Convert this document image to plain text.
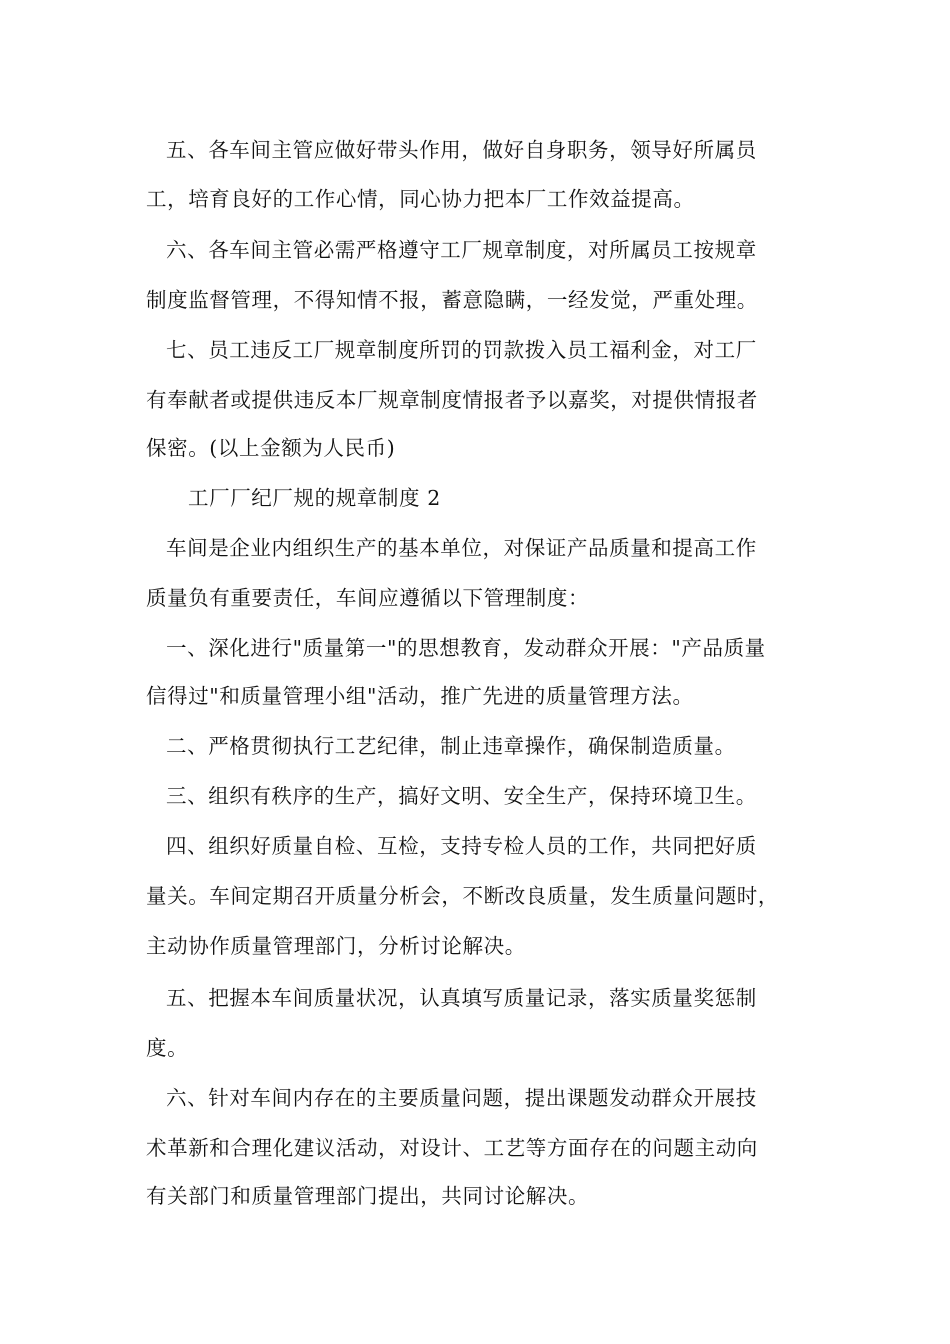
五、各车间主管应做好带头作用，做好自身职务，领导好所属员
工，培育良好的工作心情，同心协力把本厂工作效益提高。
六、各车间主管必需严格遵守工厂规章制度，对所属员工按规章
制度监督管理，不得知情不报，蓄意隐瞒，一经发觉，严重处理。
七、员工违反工厂规章制度所罚的罚款拨入员工福利金，对工厂
有奉献者或提供违反本厂规章制度情报者予以嘉奖，对提供情报者
保密。(以上金额为人民币)
工厂厂纪厂规的规章制度 2
车间是企业内组织生产的基本单位，对保证产品质量和提高工作
质量负有重要责任，车间应遵循以下管理制度：
一、深化进行"质量第一"的思想教育，发动群众开展："产品质量
信得过"和质量管理小组"活动，推广先进的质量管理方法。
二、严格贯彻执行工艺纪律，制止违章操作，确保制造质量。
三、组织有秩序的生产，搞好文明、安全生产，保持环境卫生。
四、组织好质量自检、互检，支持专检人员的工作，共同把好质
量关。车间定期召开质量分析会，不断改良质量，发生质量问题时，
主动协作质量管理部门，分析讨论解决。
五、把握本车间质量状况，认真填写质量记录，落实质量奖惩制
度。
六、针对车间内存在的主要质量问题，提出课题发动群众开展技
术革新和合理化建议活动，对设计、工艺等方面存在的问题主动向
有关部门和质量管理部门提出，共同讨论解决。
